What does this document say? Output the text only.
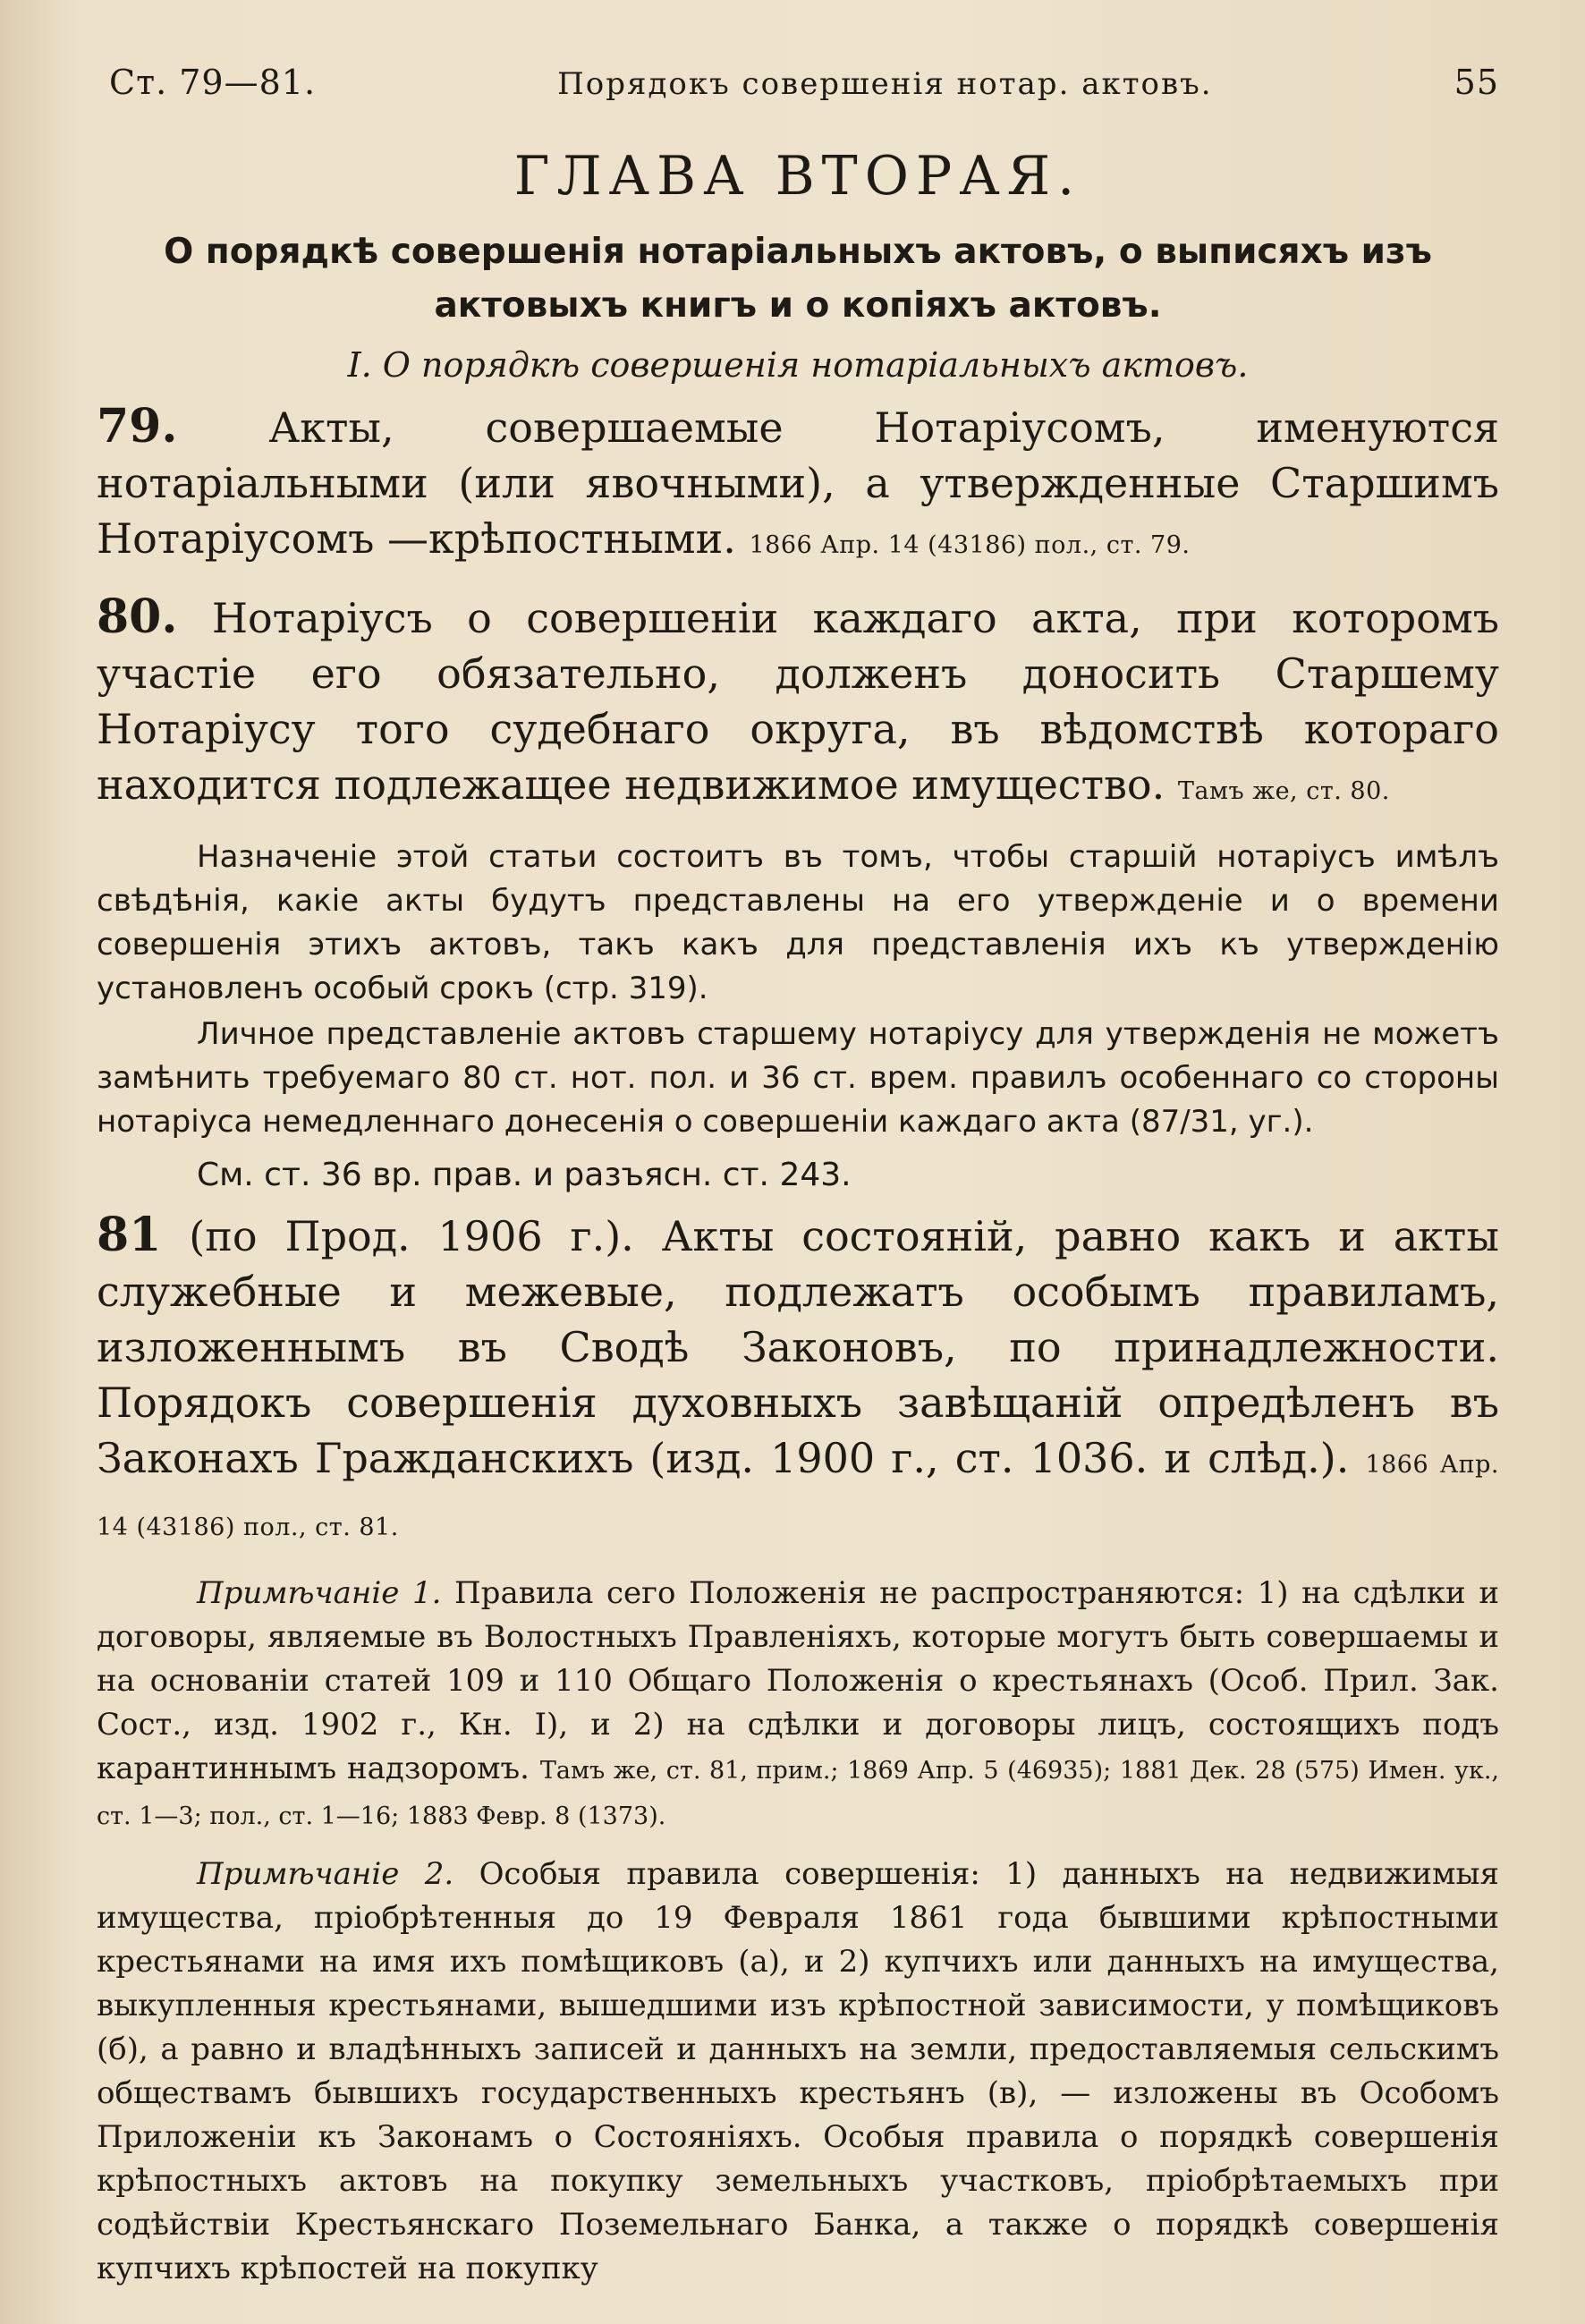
Ст. 79—81.	Порядокъ совершенія нотар. актовъ.	55
ГЛАВА ВТОРАЯ.

О порядкѣ совершенія нотаріальныхъ актовъ, о выписяхъ изъ актовыхъ книгъ и о копіяхъ актовъ.

I. О порядкѣ совершенія нотаріальныхъ актовъ.

79. Акты, совершаемые Нотаріусомъ, именуются нотаріальными (или явочными), а утвержденные Старшимъ Нотаріусомъ —крѣпостными. 1866 Апр. 14 (43186) пол., ст. 79.

80. Нотаріусъ о совершеніи каждаго акта, при которомъ участіе его обязательно, долженъ доносить Старшему Нотаріусу того судебнаго округа, въ вѣдомствѣ котораго находится подлежащее недвижимое имущество. Тамъ же, ст. 80.

Назначеніе этой статьи состоитъ въ томъ, чтобы старшій нотаріусъ имѣлъ свѣдѣнія, какіе акты будутъ представлены на его утвержденіе и о времени совершенія этихъ актовъ, такъ какъ для представленія ихъ къ утвержденію установленъ особый срокъ (стр. 319).

Личное представленіе актовъ старшему нотаріусу для утвержденія не можетъ замѣнить требуемаго 80 ст. нот. пол. и 36 ст. врем. правилъ особеннаго со стороны нотаріуса немедленнаго донесенія о совершеніи каждаго акта (87/31, уг.).

См. ст. 36 вр. прав. и разъясн. ст. 243.

81 (по Прод. 1906 г.). Акты состояній, равно какъ и акты служебные и межевые, подлежатъ особымъ правиламъ, изложеннымъ въ Сводѣ Законовъ, по принадлежности. Порядокъ совершенія духовныхъ завѣщаній опредѣленъ въ Законахъ Гражданскихъ (изд. 1900 г., ст. 1036. и слѣд.). 1866 Апр. 14 (43186) пол., ст. 81.

Примѣчаніе 1. Правила сего Положенія не распространяются: 1) на сдѣлки и договоры, являемые въ Волостныхъ Правленіяхъ, которые могутъ быть совершаемы и на основаніи статей 109 и 110 Общаго Положенія о крестьянахъ (Особ. Прил. Зак. Сост., изд. 1902 г., Кн. I), и 2) на сдѣлки и договоры лицъ, состоящихъ подъ карантиннымъ надзоромъ. Тамъ же, ст. 81, прим.; 1869 Апр. 5 (46935); 1881 Дек. 28 (575) Имен. ук., ст. 1—3; пол., ст. 1—16; 1883 Февр. 8 (1373).

Примѣчаніе 2. Особыя правила совершенія: 1) данныхъ на недвижимыя имущества, пріобрѣтенныя до 19 Февраля 1861 года бывшими крѣпостными крестьянами на имя ихъ помѣщиковъ (а), и 2) купчихъ или данныхъ на имущества, выкупленныя крестьянами, вышедшими изъ крѣпостной зависимости, у помѣщиковъ (б), а равно и владѣнныхъ записей и данныхъ на земли, предоставляемыя сельскимъ обществамъ бывшихъ государственныхъ крестьянъ (в), — изложены въ Особомъ Приложеніи къ Законамъ о Состояніяхъ. Особыя правила о порядкѣ совершенія крѣпостныхъ актовъ на покупку земельныхъ участковъ, пріобрѣтаемыхъ при содѣйствіи Крестьянскаго Поземельнаго Банка, а также о порядкѣ совершенія купчихъ крѣпостей на покупку
